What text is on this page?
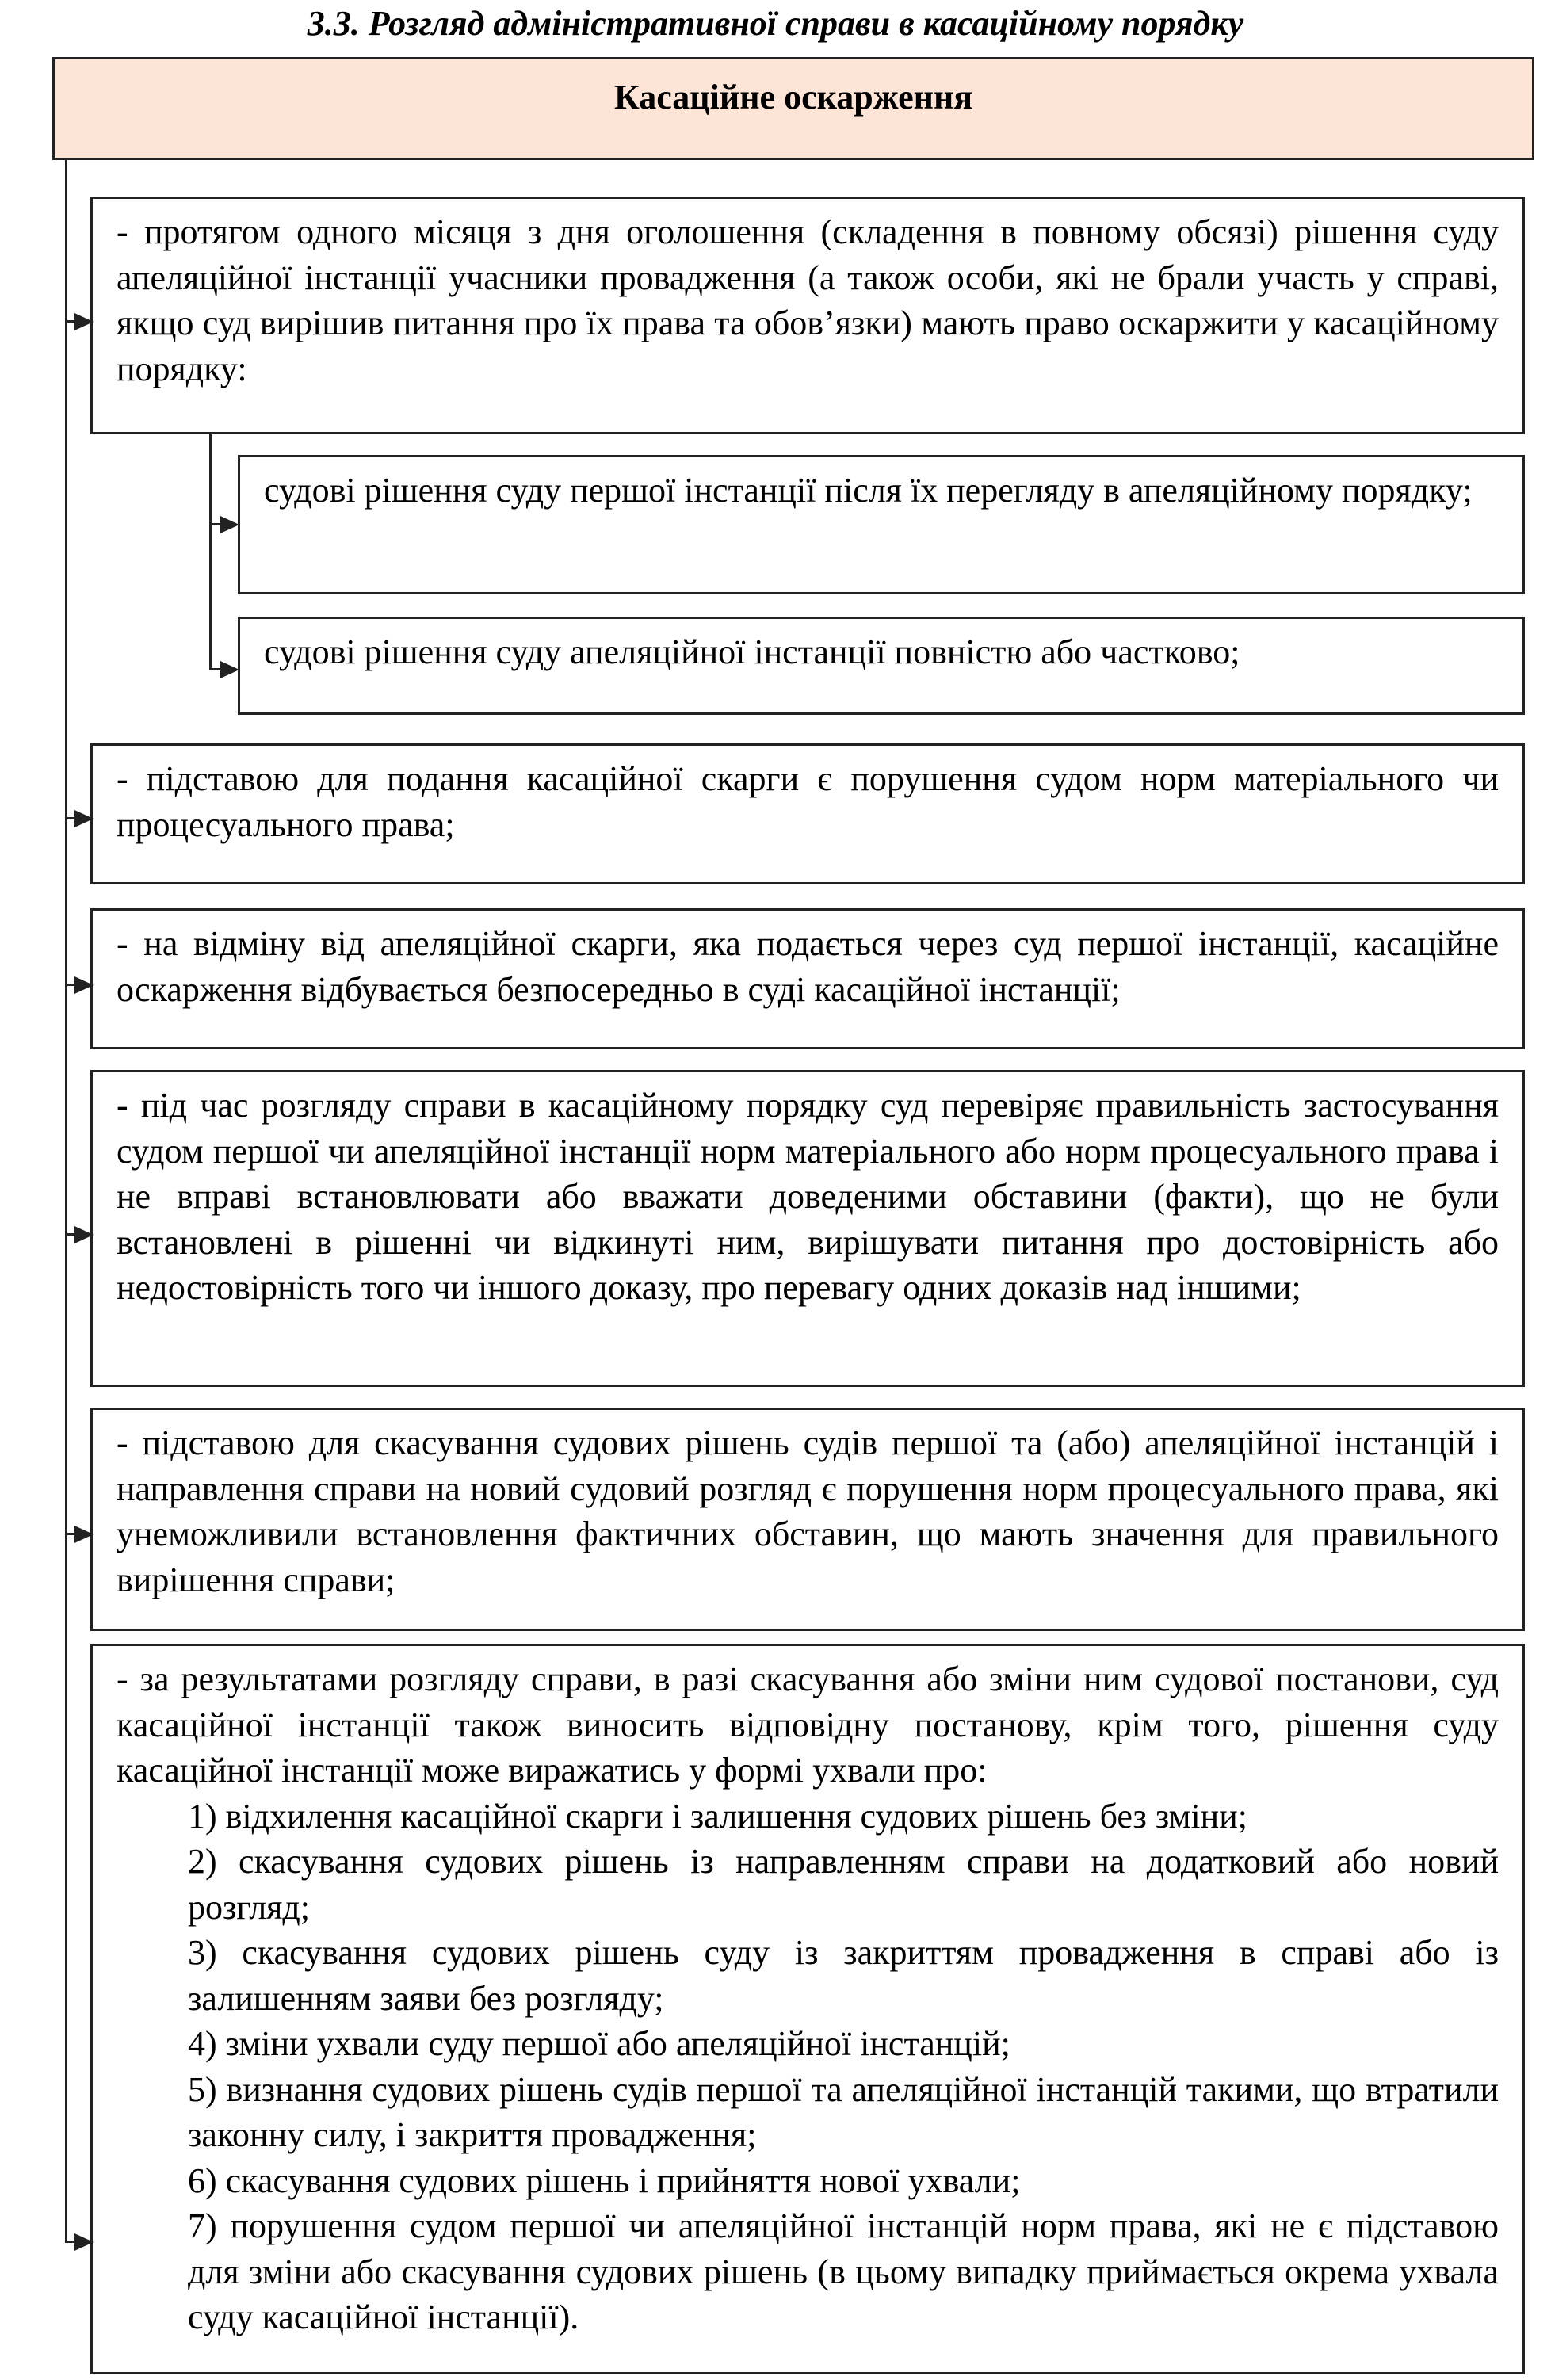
3.3. Розгляд адміністративної справи в касаційному порядку
Касаційне оскарження

- протягом одного місяця з дня оголошення (складення в повному обсязі) рішення суду апеляційної інстанції учасники провадження (а також особи, які не брали участь у справі, якщо суд вирішив питання про їх права та обов’язки) мають право оскаржити у касаційному порядку:

судові рішення суду першої інстанції після їх перегляду в апеляційному порядку;

судові рішення суду апеляційної інстанції повністю або частково;

- підставою для подання касаційної скарги є порушення судом норм матеріального чи процесуального права;

- на відміну від апеляційної скарги, яка подається через суд першої інстанції, касаційне оскарження відбувається безпосередньо в суді касаційної інстанції;

- під час розгляду справи в касаційному порядку суд перевіряє правильність застосування судом першої чи апеляційної інстанції норм матеріального або норм процесуального права і не вправі встановлювати або вважати доведеними обставини (факти), що не були встановлені в рішенні чи відкинуті ним, вирішувати питання про достовірність або недостовірність того чи іншого доказу, про перевагу одних доказів над іншими;

- підставою для скасування судових рішень судів першої та (або) апеляційної інстанцій і направлення справи на новий судовий розгляд є порушення норм процесуального права, які унеможливили встановлення фактичних обставин, що мають значення для правильного вирішення справи;

- за результатами розгляду справи, в разі скасування або зміни ним судової постанови, суд касаційної інстанції також виносить відповідну постанову, крім того, рішення суду касаційної інстанції може виражатись у формі ухвали про:

1) відхилення касаційної скарги і залишення судових рішень без зміни;

2) скасування судових рішень із направленням справи на додатковий або новий розгляд;

3) скасування судових рішень суду із закриттям провадження в справі або із залишенням заяви без розгляду;

4) зміни ухвали суду першої або апеляційної інстанцій;

5) визнання судових рішень судів першої та апеляційної інстанцій такими, що втратили законну силу, і закриття провадження;

6) скасування судових рішень і прийняття нової ухвали;

7) порушення судом першої чи апеляційної інстанцій норм права, які не є підставою для зміни або скасування судових рішень (в цьому випадку приймається окрема ухвала суду касаційної інстанції).
